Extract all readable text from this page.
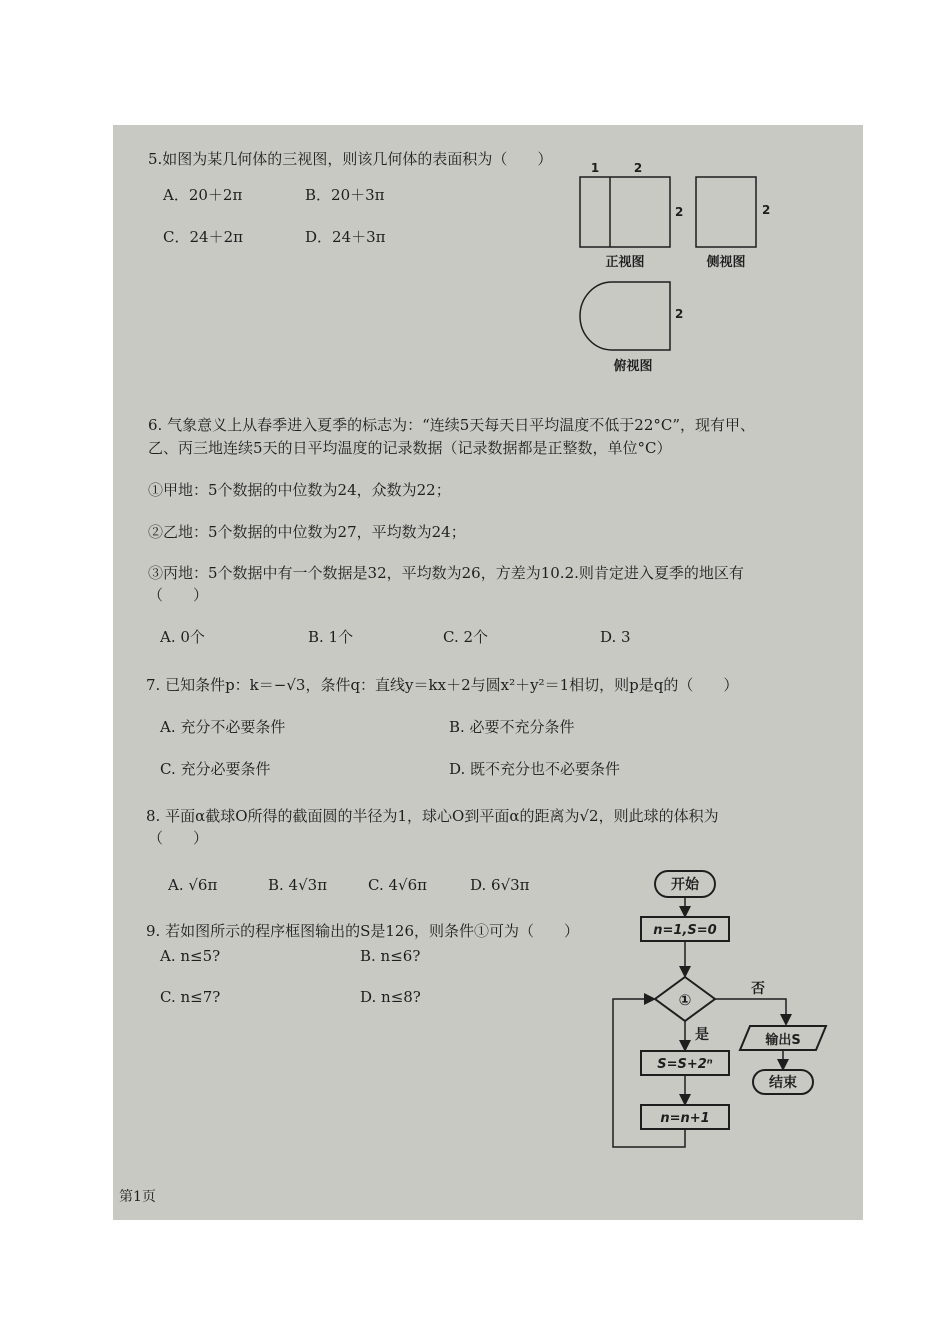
5.如图为某几何体的三视图，则该几何体的表面积为（　　）
A．20＋2π	B．20＋3π
C．24＋2π	D．24＋3π
1	2
2
正视图
2
侧视图
2
俯视图
6. 气象意义上从春季进入夏季的标志为：“连续5天每天日平均温度不低于22°C”，现有甲、
乙、丙三地连续5天的日平均温度的记录数据（记录数据都是正整数，单位°C）
①甲地：5个数据的中位数为24，众数为22；
②乙地：5个数据的中位数为27，平均数为24；
③丙地：5个数据中有一个数据是32，平均数为26，方差为10.2.则肯定进入夏季的地区有
（　　）
A. 0个	B. 1个	C. 2个	D. 3
7. 已知条件p：k＝−√3，条件q：直线y＝kx＋2与圆x²＋y²＝1相切，则p是q的（　　）
A. 充分不必要条件	B. 必要不充分条件
C. 充分必要条件	D. 既不充分也不必要条件
8. 平面α截球O所得的截面圆的半径为1，球心O到平面α的距离为√2，则此球的体积为
（　　）
A. √6π	B. 4√3π	C. 4√6π	D. 6√3π
9. 若如图所示的程序框图输出的S是126，则条件①可为（　　）
A. n≤5?	B. n≤6?
C. n≤7?	D. n≤8?
开始
n=1,S=0
①
否
输出S
结束
是
S=S+2ⁿ
n=n+1
第1页
